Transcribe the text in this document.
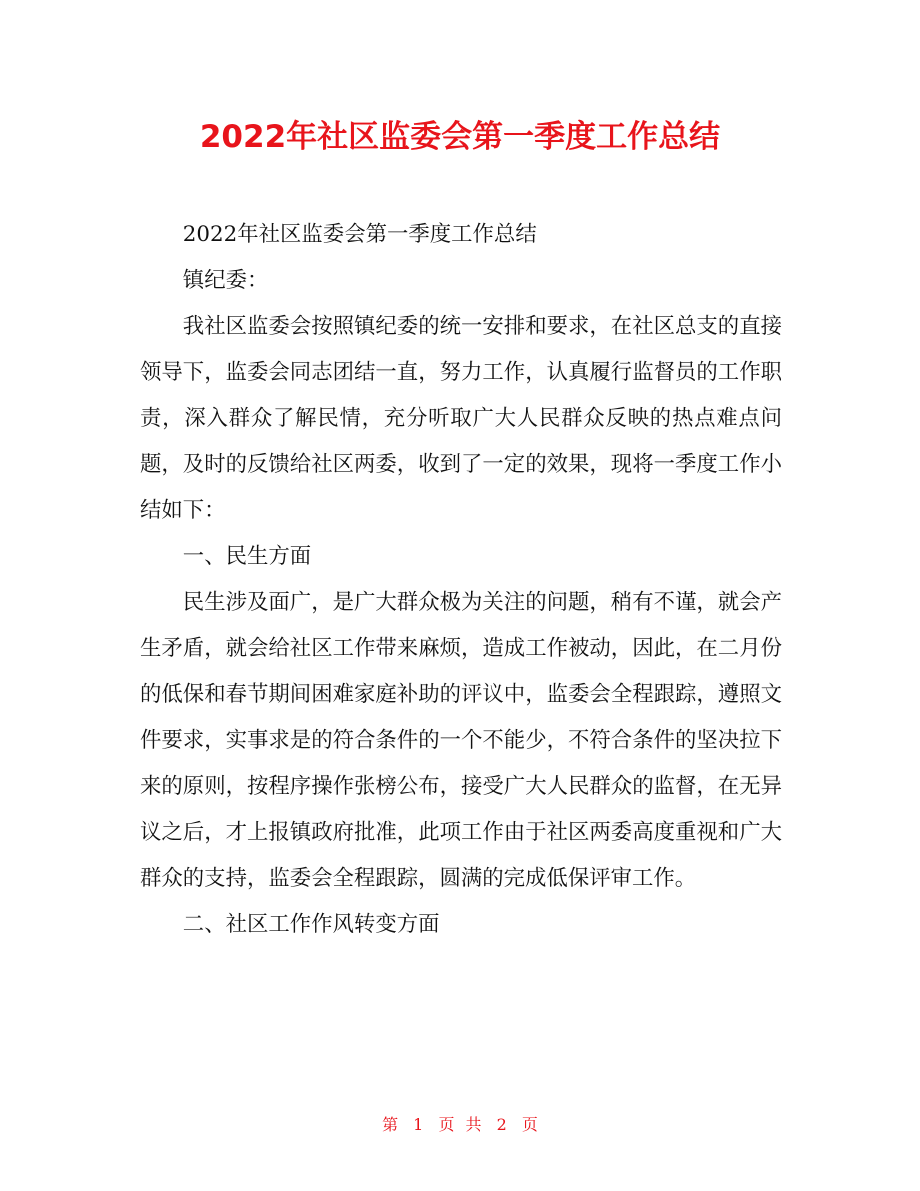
2022年社区监委会第一季度工作总结

2022年社区监委会第一季度工作总结

镇纪委：

我社区监委会按照镇纪委的统一安排和要求，在社区总支的直接领导下，监委会同志团结一直，努力工作，认真履行监督员的工作职责，深入群众了解民情，充分听取广大人民群众反映的热点难点问题，及时的反馈给社区两委，收到了一定的效果，现将一季度工作小结如下：

一、民生方面

民生涉及面广，是广大群众极为关注的问题，稍有不谨，就会产生矛盾，就会给社区工作带来麻烦，造成工作被动，因此，在二月份的低保和春节期间困难家庭补助的评议中，监委会全程跟踪，遵照文件要求，实事求是的符合条件的一个不能少，不符合条件的坚决拉下来的原则，按程序操作张榜公布，接受广大人民群众的监督，在无异议之后，才上报镇政府批准，此项工作由于社区两委高度重视和广大群众的支持，监委会全程跟踪，圆满的完成低保评审工作。

二、社区工作作风转变方面

第 1 页 共 2 页
